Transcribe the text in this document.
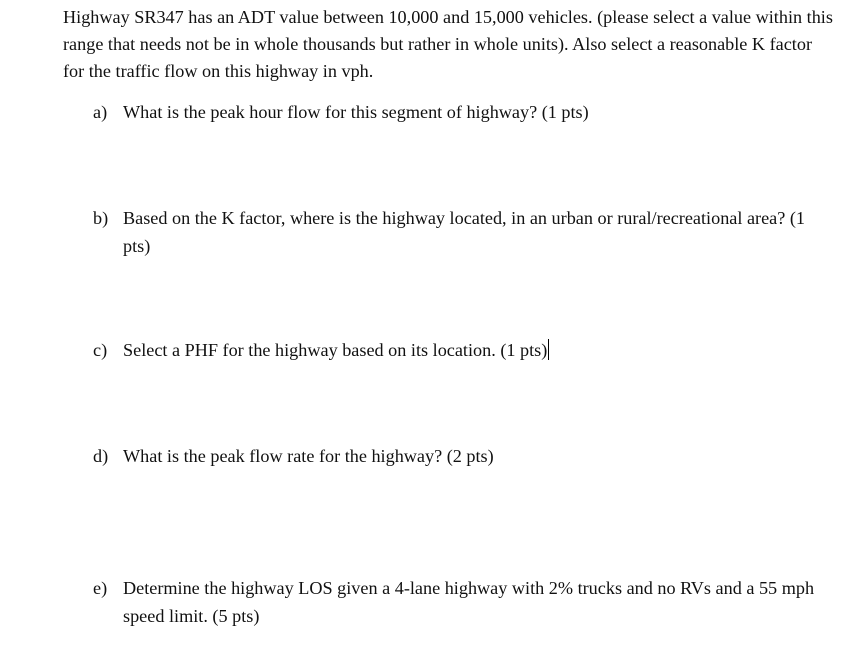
Highway SR347 has an ADT value between 10,000 and 15,000 vehicles. (please select a value within this range that needs not be in whole thousands but rather in whole units). Also select a reasonable K factor for the traffic flow on this highway in vph.

a) What is the peak hour flow for this segment of highway? (1 pts)
b) Based on the K factor, where is the highway located, in an urban or rural/recreational area? (1 pts)
c) Select a PHF for the highway based on its location. (1 pts)
d) What is the peak flow rate for the highway? (2 pts)
e) Determine the highway LOS given a 4-lane highway with 2% trucks and no RVs and a 55 mph speed limit. (5 pts)
